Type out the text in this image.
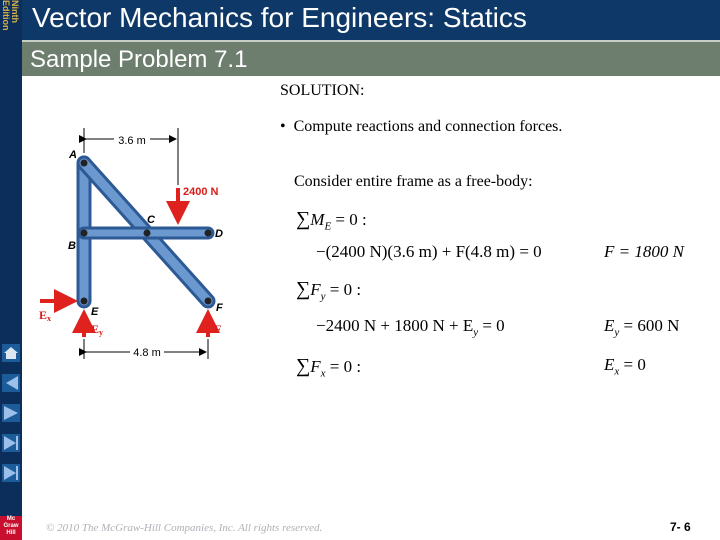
Ninth
Edition
Mc Graw Hill
Vector Mechanics for Engineers: Statics
Sample Problem 7.1
3.6 m
A
B
C
D
E	F
2400 N
Ex
Ey	F
4.8 m
SOLUTION:
•  Compute reactions and connection forces.
Consider entire frame as a free-body:
$\sum M_E = 0$ :
−(2400 N)(3.6 m) + F(4.8 m) = 0	F = 1800 N
$\sum F_y = 0$ :
−2400 N + 1800 $N + E_y = 0$	$E_y = 600$ N
$\sum F_x = 0$ :	$E_x = 0$
© 2010 The McGraw-Hill Companies, Inc. All rights reserved.	7- 6
